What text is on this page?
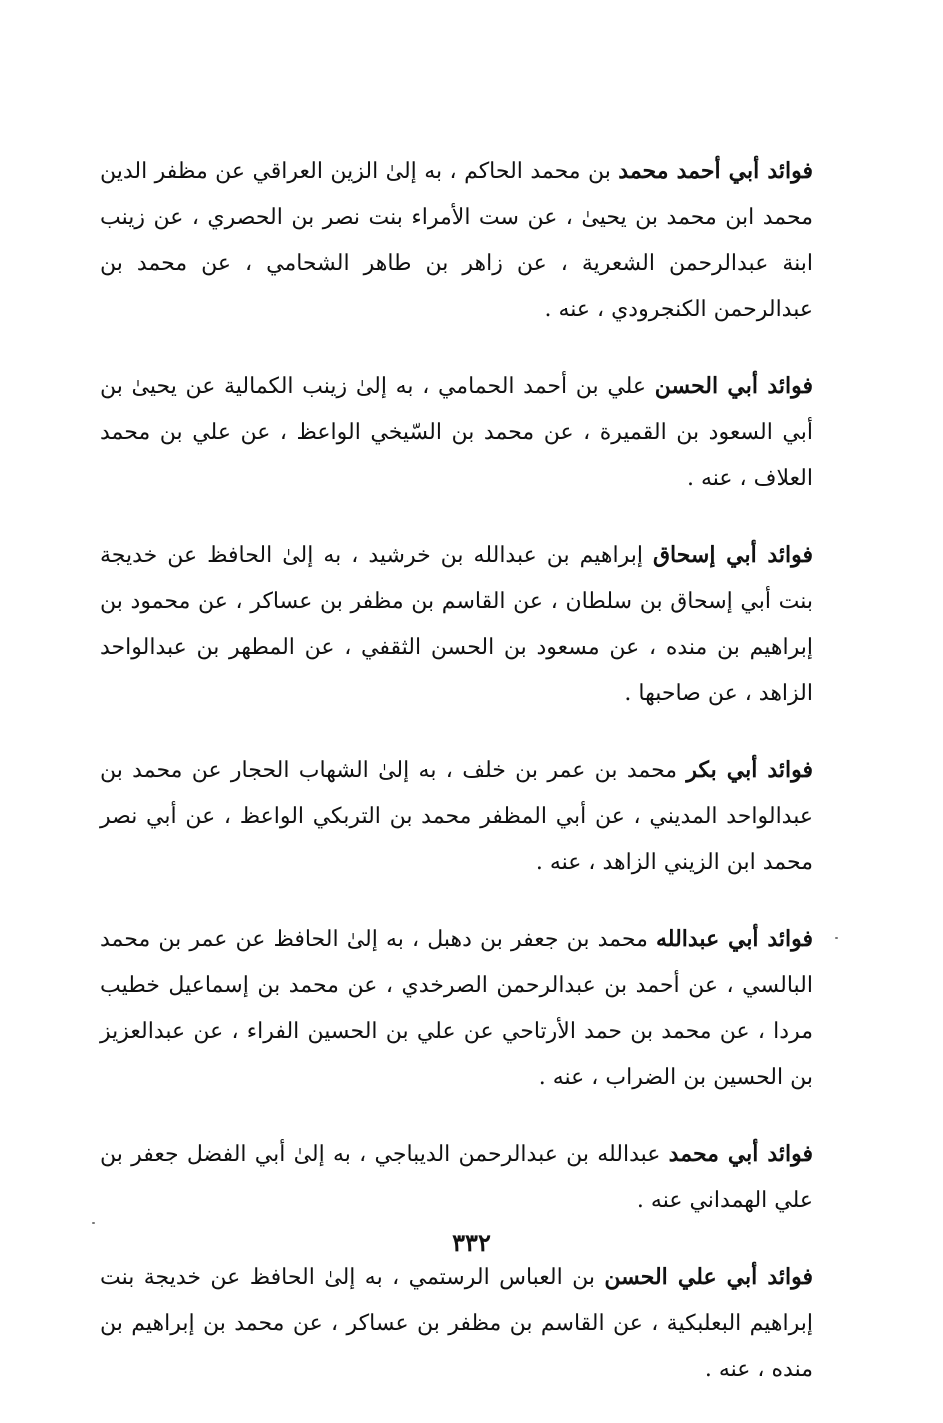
فوائد أبي أحمد محمد بن محمد الحاكم ، به إلىٰ الزين العراقي عن مظفر الدين محمد ابن محمد بن يحيىٰ ، عن ست الأمراء بنت نصر بن الحصري ، عن زينب ابنة عبدالرحمن الشعرية ، عن زاهر بن طاهر الشحامي ، عن محمد بن عبدالرحمن الكنجرودي ، عنه .

فوائد أبي الحسن علي بن أحمد الحمامي ، به إلىٰ زينب الكمالية عن يحيىٰ بن أبي السعود بن القميرة ، عن محمد بن السّيخي الواعظ ، عن علي بن محمد العلاف ، عنه .

فوائد أبي إسحاق إبراهيم بن عبدالله بن خرشيد ، به إلىٰ الحافظ عن خديجة بنت أبي إسحاق بن سلطان ، عن القاسم بن مظفر بن عساكر ، عن محمود بن إبراهيم بن منده ، عن مسعود بن الحسن الثقفي ، عن المطهر بن عبدالواحد الزاهد ، عن صاحبها .

فوائد أبي بكر محمد بن عمر بن خلف ، به إلىٰ الشهاب الحجار عن محمد بن عبدالواحد المديني ، عن أبي المظفر محمد بن التربكي الواعظ ، عن أبي نصر محمد ابن الزيني الزاهد ، عنه .

فوائد أبي عبدالله محمد بن جعفر بن دهبل ، به إلىٰ الحافظ عن عمر بن محمد البالسي ، عن أحمد بن عبدالرحمن الصرخدي ، عن محمد بن إسماعيل خطيب مردا ، عن محمد بن حمد الأرتاحي عن علي بن الحسين الفراء ، عن عبدالعزيز بن الحسين بن الضراب ، عنه .

فوائد أبي محمد عبدالله بن عبدالرحمن الديباجي ، به إلىٰ أبي الفضل جعفر بن علي الهمداني عنه .

فوائد أبي علي الحسن بن العباس الرستمي ، به إلىٰ الحافظ عن خديجة بنت إبراهيم البعلبكية ، عن القاسم بن مظفر بن عساكر ، عن محمد بن إبراهيم بن منده ، عنه .

٣٣٢
